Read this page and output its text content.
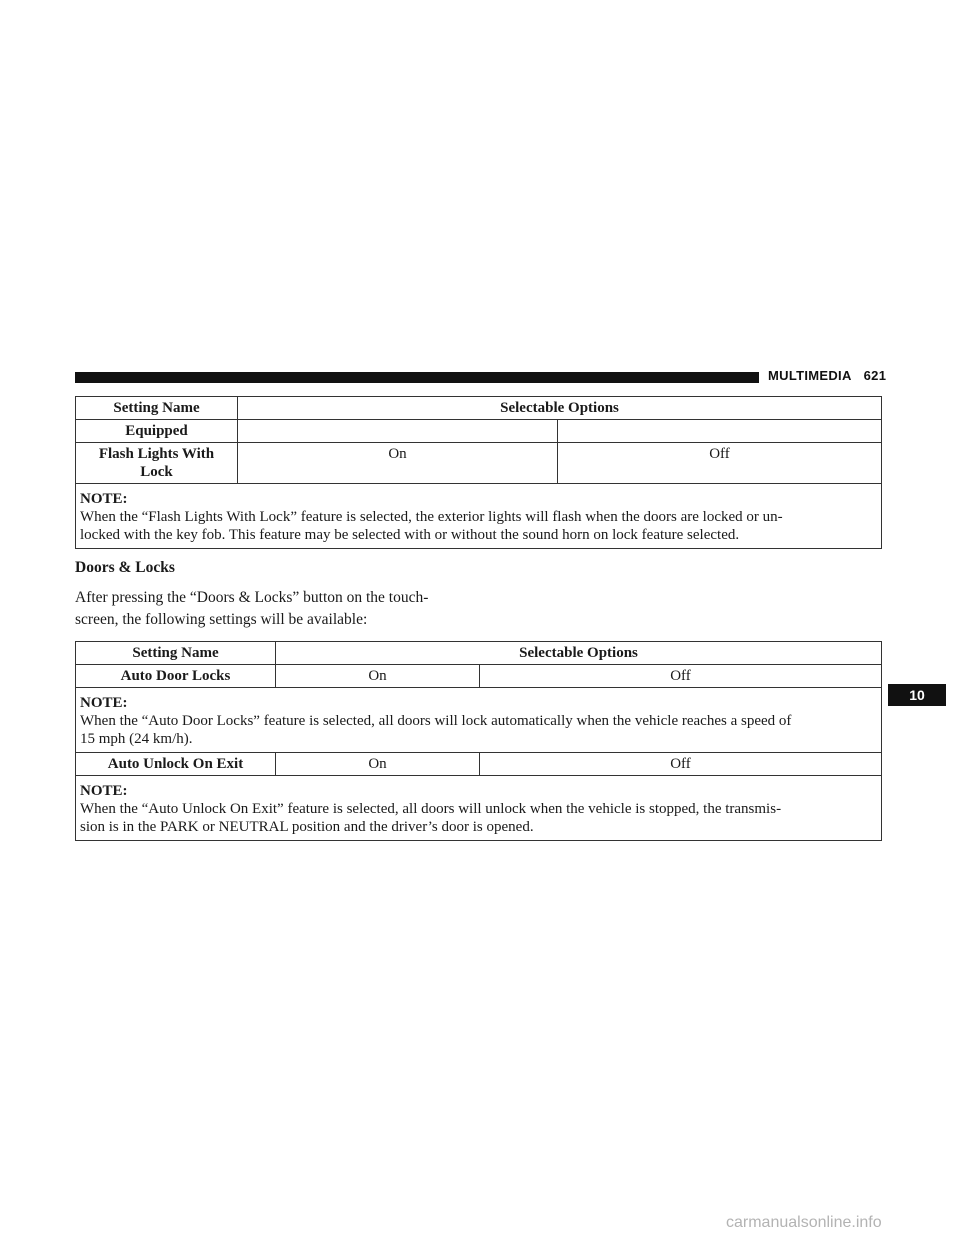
MULTIMEDIA 621
Setting Name	Selectable Options	
Equipped		
Flash Lights With Lock	On	Off

NOTE:
When the “Flash Lights With Lock” feature is selected, the exterior lights will flash when the doors are locked or un-
locked with the key fob. This feature may be selected with or without the sound horn on lock feature selected.		
Doors & Locks
After pressing the “Doors & Locks” button on the touch-
screen, the following settings will be available:
Setting Name	Selectable Options	
Auto Door Locks	On	Off

NOTE:
When the “Auto Door Locks” feature is selected, all doors will lock automatically when the vehicle reaches a speed of
15 mph (24 km/h).		

Auto Unlock On Exit	On	Off

NOTE:
When the “Auto Unlock On Exit” feature is selected, all doors will unlock when the vehicle is stopped, the transmis-
sion is in the PARK or NEUTRAL position and the driver’s door is opened.		
10
carmanualsonline.info
